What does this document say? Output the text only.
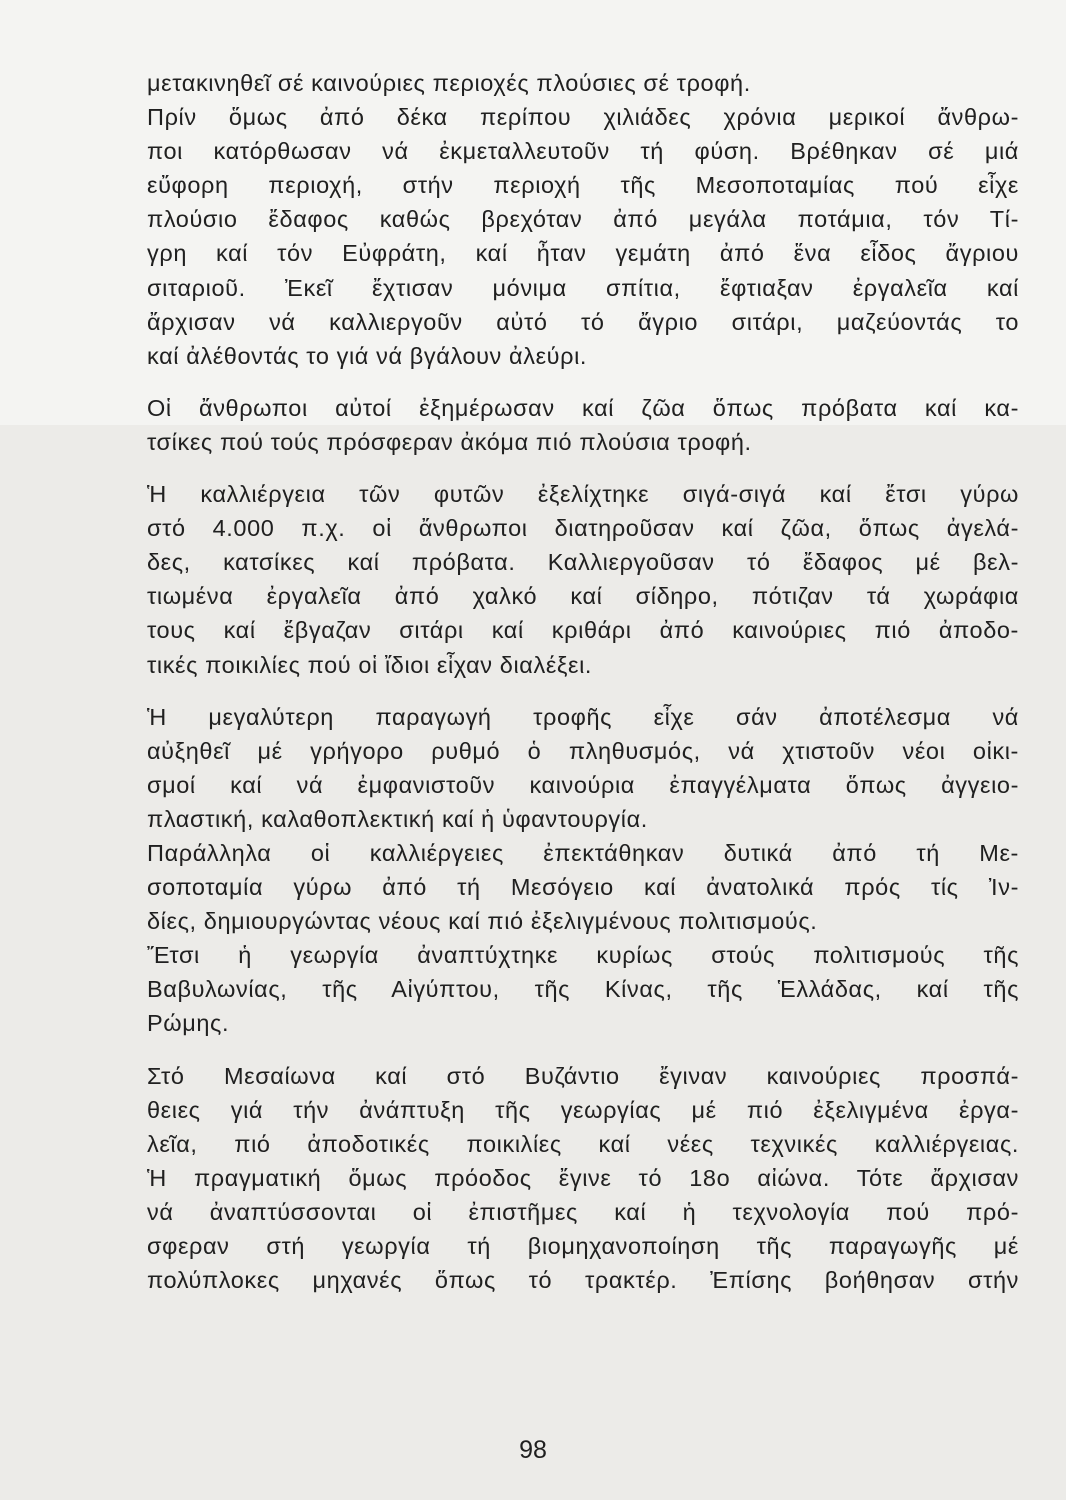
μετακινηθεῖ σέ καινούριες περιοχές πλούσιες σέ τροφή.
Πρίν ὅμως ἀπό δέκα περίπου χιλιάδες χρόνια μερικοί ἄνθρω-
ποι κατόρθωσαν νά ἐκμεταλλευτοῦν τή φύση. Βρέθηκαν σέ μιά
εὔφορη περιοχή, στήν περιοχή τῆς Μεσοποταμίας πού εἶχε
πλούσιο ἔδαφος καθώς βρεχόταν ἀπό μεγάλα ποτάμια, τόν Τί-
γρη καί τόν Εὐφράτη, καί ἦταν γεμάτη ἀπό ἕνα εἶδος ἄγριου
σιταριοῦ. Ἐκεῖ ἔχτισαν μόνιμα σπίτια, ἔφτιαξαν ἐργαλεῖα καί
ἄρχισαν νά καλλιεργοῦν αὐτό τό ἄγριο σιτάρι, μαζεύοντάς το
καί ἀλέθοντάς το γιά νά βγάλουν ἀλεύρι.
Οἱ ἄνθρωποι αὐτοί ἐξημέρωσαν καί ζῶα ὅπως πρόβατα καί κα-
τσίκες πού τούς πρόσφεραν ἀκόμα πιό πλούσια τροφή.
Ἡ καλλιέργεια τῶν φυτῶν ἐξελίχτηκε σιγά-σιγά καί ἔτσι γύρω
στό 4.000 π.χ. οἱ ἄνθρωποι διατηροῦσαν καί ζῶα, ὅπως ἀγελά-
δες, κατσίκες καί πρόβατα. Καλλιεργοῦσαν τό ἔδαφος μέ βελ-
τιωμένα ἐργαλεῖα ἀπό χαλκό καί σίδηρο, πότιζαν τά χωράφια
τους καί ἔβγαζαν σιτάρι καί κριθάρι ἀπό καινούριες πιό ἀποδο-
τικές ποικιλίες πού οἱ ἴδιοι εἶχαν διαλέξει.
Ἡ μεγαλύτερη παραγωγή τροφῆς εἶχε σάν ἀποτέλεσμα νά
αὐξηθεῖ μέ γρήγορο ρυθμό ὁ πληθυσμός, νά χτιστοῦν νέοι οἰκι-
σμοί καί νά ἐμφανιστοῦν καινούρια ἐπαγγέλματα ὅπως ἀγγειο-
πλαστική, καλαθοπλεκτική καί ἡ ὑφαντουργία.
Παράλληλα οἱ καλλιέργειες ἐπεκτάθηκαν δυτικά ἀπό τή Με-
σοποταμία γύρω ἀπό τή Μεσόγειο καί ἀνατολικά πρός τίς Ἰν-
δίες, δημιουργώντας νέους καί πιό ἐξελιγμένους πολιτισμούς.
Ἔτσι ἡ γεωργία ἀναπτύχτηκε κυρίως στούς πολιτισμούς τῆς
Βαβυλωνίας, τῆς Αἰγύπτου, τῆς Κίνας, τῆς Ἑλλάδας, καί τῆς
Ρώμης.
Στό Μεσαίωνα καί στό Βυζάντιο ἔγιναν καινούριες προσπά-
θειες γιά τήν ἀνάπτυξη τῆς γεωργίας μέ πιό ἐξελιγμένα ἐργα-
λεῖα, πιό ἀποδοτικές ποικιλίες καί νέες τεχνικές καλλιέργειας.
Ἡ πραγματική ὅμως πρόοδος ἔγινε τό 18ο αἰώνα. Τότε ἄρχισαν
νά ἀναπτύσσονται οἱ ἐπιστῆμες καί ἡ τεχνολογία πού πρό-
σφεραν στή γεωργία τή βιομηχανοποίηση τῆς παραγωγῆς μέ
πολύπλοκες μηχανές ὅπως τό τρακτέρ. Ἐπίσης βοήθησαν στήν
98
